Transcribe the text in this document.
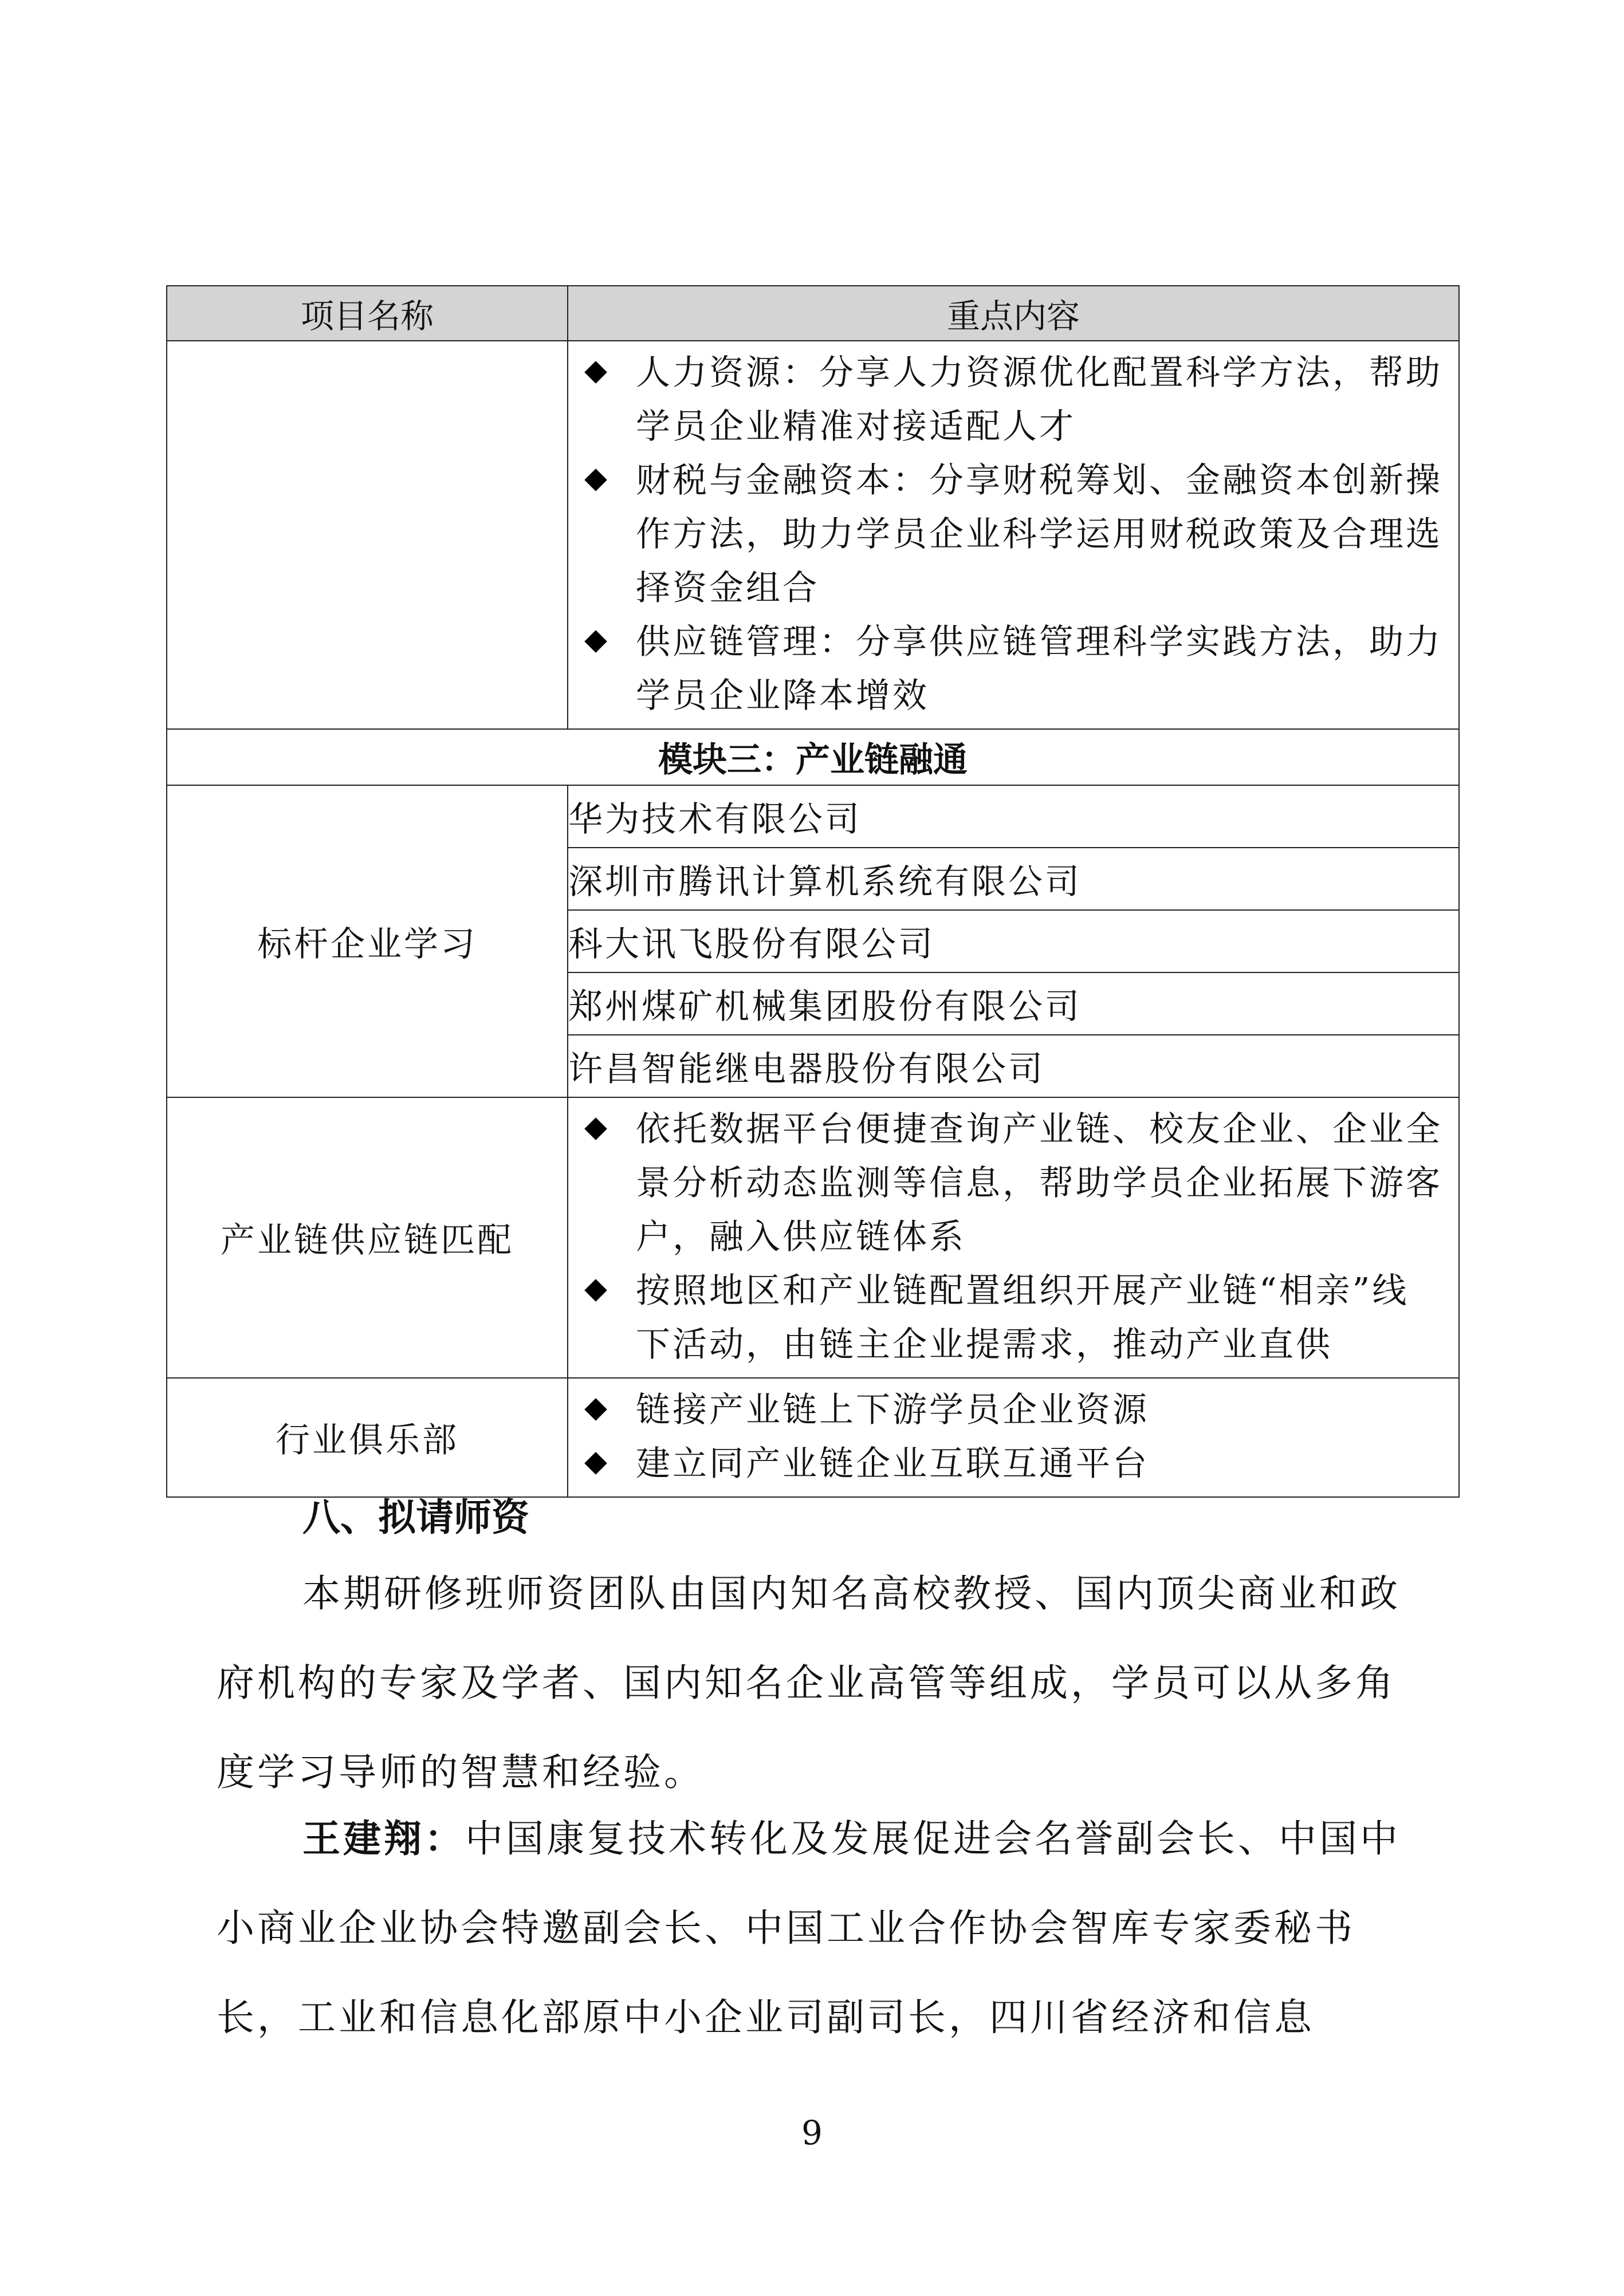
项目名称	重点内容

	人力资源：分享人力资源优化配置科学方法，帮助学员企业精准对接适配人才
财税与金融资本：分享财税筹划、金融资本创新操作方法，助力学员企业科学运用财税政策及合理选择资金组合
供应链管理：分享供应链管理科学实践方法，助力学员企业降本增效

模块三：产业链融通	
标杆企业学习	华为技术有限公司
	深圳市腾讯计算机系统有限公司
	科大讯飞股份有限公司
	郑州煤矿机械集团股份有限公司
	许昌智能继电器股份有限公司
产业链供应链匹配	依托数据平台便捷查询产业链、校友企业、企业全景分析动态监测等信息，帮助学员企业拓展下游客户，融入供应链体系
按照地区和产业链配置组织开展产业链“相亲”线下活动，由链主企业提需求，推动产业直供

行业俱乐部	链接产业链上下游学员企业资源
建立同产业链企业互联互通平台
八、拟请师资
本期研修班师资团队由国内知名高校教授、国内顶尖商业和政府机构的专家及学者、国内知名企业高管等组成，学员可以从多角度学习导师的智慧和经验。
王建翔：中国康复技术转化及发展促进会名誉副会长、中国中小商业企业协会特邀副会长、中国工业合作协会智库专家委秘书长，工业和信息化部原中小企业司副司长，四川省经济和信息
9
